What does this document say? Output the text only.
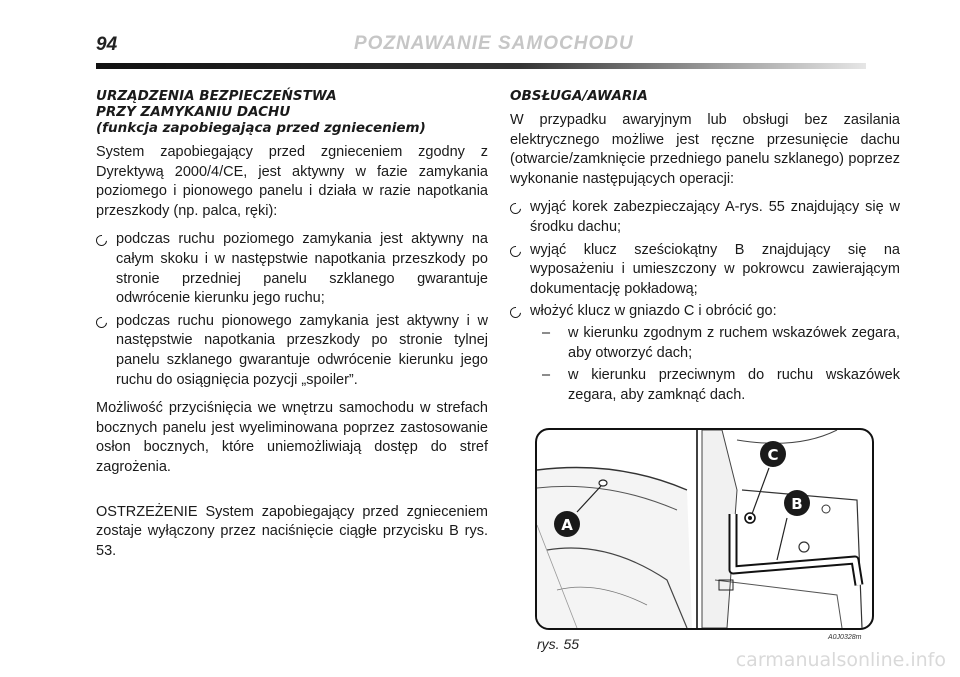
94	POZNAWANIE SAMOCHODU
URZĄDZENIA BEZPIECZEŃSTWA
PRZY ZAMYKANIU DACHU
(funkcja zapobiegająca przed zgnieceniem)

System zapobiegający przed zgnieceniem zgodny z Dyrektywą 2000/4/CE, jest aktywny w fazie zamykania poziomego i pionowego panelu i działa w razie napotkania przeszkody (np. palca, ręki):

podczas ruchu poziomego zamykania jest aktywny na całym skoku i w następstwie napotkania przeszkody po stronie przedniej panelu szklanego gwarantuje odwrócenie kierunku jego ruchu;
podczas ruchu pionowego zamykania jest aktywny i w następstwie napotkania przeszkody po stronie tylnej panelu szklanego gwarantuje odwrócenie kierunku jego ruchu do osiągnięcia pozycji „spoiler”.

Możliwość przyciśnięcia we wnętrzu samochodu w strefach bocznych panelu jest wyeliminowana poprzez zastosowanie osłon bocznych, które uniemożliwiają dostęp do stref zagrożenia.

OSTRZEŻENIE System zapobiegający przed zgnieceniem zostaje wyłączony przez naciśnięcie ciągłe przycisku B rys. 53.

OBSŁUGA/AWARIA

W przypadku awaryjnym lub obsługi bez zasilania elektrycznego możliwe jest ręczne przesunięcie dachu (otwarcie/zamknięcie przedniego panelu szklanego) poprzez wykonanie następujących operacji:

wyjąć korek zabezpieczający A-rys. 55 znajdujący się w środku dachu;
wyjąć klucz sześciokątny B znajdujący się na wyposażeniu i umieszczony w pokrowcu zawierającym dokumentację pokładową;
włożyć klucz w gniazdo C i obrócić go:
– w kierunku zgodnym z ruchem wskazówek zegara, aby otworzyć dach;
– w kierunku przeciwnym do ruchu wskazówek zegara, aby zamknąć dach.
A
C
B
rys. 55	A0J0328m
carmanualsonline.info
